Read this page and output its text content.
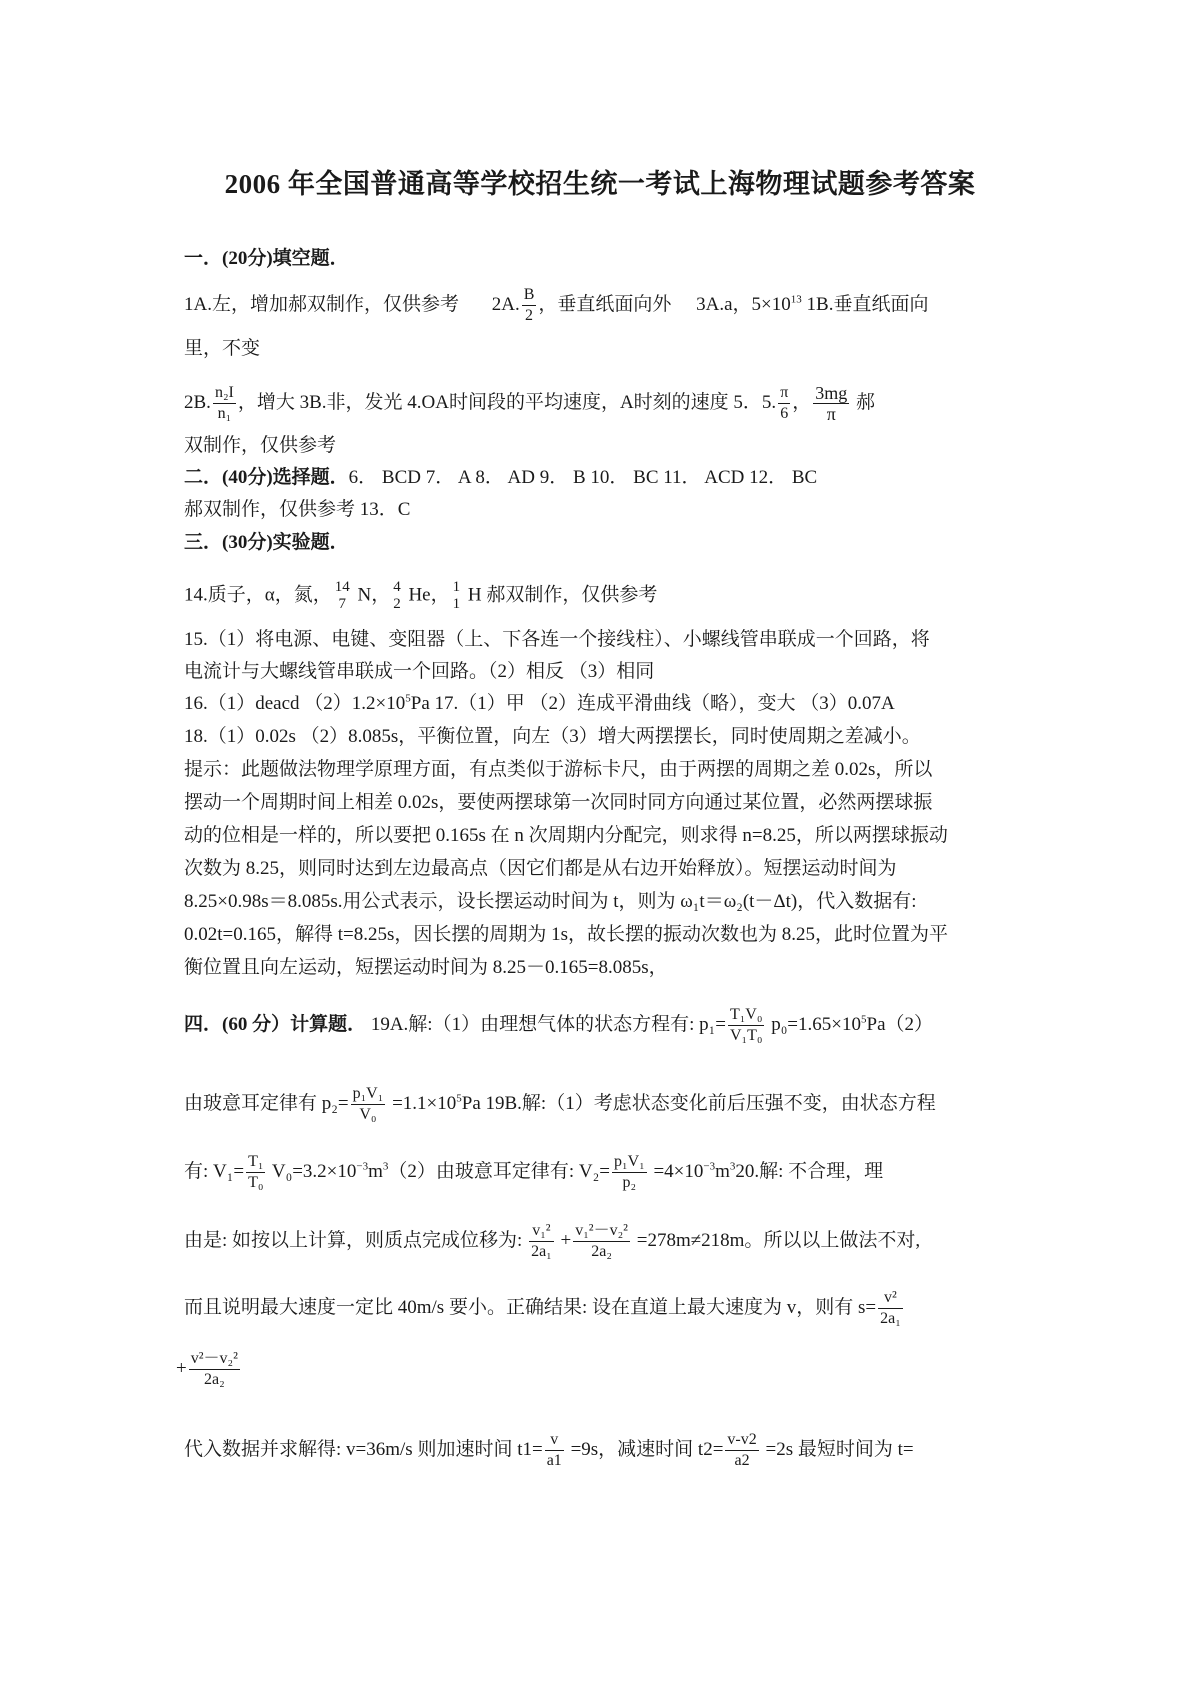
2006 年全国普通高等学校招生统一考试上海物理试题参考答案
一．(20分)填空题．
1A.左，增加郝双制作，仅供参考 2A. $\frac{B}{2}$ ，垂直纸面向外 3A.a，$5\times 10^{13}$ 1B.垂直纸面向
里，不变
2B. $\frac{\text{n₂I}}{\text{n₁}}$ ，增大 3B.非，发光 4.OA时间段的平均速度，A时刻的速度 5．5. $\frac{\pi}{6}$ ， $\frac{3mg}{\pi}$ 郝
双制作，仅供参考
二．(40分)选择题．6． BCD 7． A 8． AD 9． B 10． BC 11． ACD 12． BC
郝双制作，仅供参考 13．C
三．(30分)实验题．
14.质子，α，氮， 14
7 N， 4
2 He， 1
1 H 郝双制作，仅供参考
15.（1）将电源、电键、变阻器（上、下各连一个接线柱）、小螺线管串联成一个回路，将
电流计与大螺线管串联成一个回路。（2）相反 （3）相同
16.（1）deacd $(2)1.2\times 10^5Pa$ 17.（1）甲 （2）连成平滑曲线（略），变大 （3）0.07A
18.（1）0.02s （2）8.085s，平衡位置，向左（3）增大两摆摆长，同时使周期之差减小。
提示：此题做法物理学原理方面，有点类似于游标卡尺，由于两摆的周期之差 0.02s，所以
摆动一个周期时间上相差 0.02s，要使两摆球第一次同时同方向通过某位置，必然两摆球振
动的位相是一样的，所以要把 0.165s 在 n 次周期内分配完，则求得 n=8.25，所以两摆球振动
次数为 8.25，则同时达到左边最高点（因它们都是从右边开始释放）。短摆运动时间为
8.25×0.98s＝8.085s.用公式表示，设长摆运动时间为 t，则为 ω₁t＝ω₂(t－Δt)，代入数据有:
0.02t=0.165，解得 t=8.25s，因长摆的周期为 1s，故长摆的振动次数也为 8.25，此时位置为平
衡位置且向左运动，短摆运动时间为 8.25－0.165=8.085s，
四．(60 分）计算题． 19A.解:（1）由理想气体的状态方程有: $p_1= \frac{\text{T₁V₀}}{\text{V₁T₀}} p_0=1.65\times 10^5Pa(2)$
由玻意耳定律有 $p_2= \frac{\text{p₁V₁}}{\text{V₀}} =1.1\times 10^5Pa$ 19B.解:（1）考虑状态变化前后压强不变，由状态方程
有: $V_1= \frac{\text{T₁}}{\text{T₀}} V_0=3.2\times 10^{-3}m^3(2)$由玻意耳定律有: $V_2= \frac{\text{p₁V₁}}{\text{p₂}} =4\times 10^{-3}m^320$.解: 不合理，理
由是: 如按以上计算，则质点完成位移为: $\frac{\text{v₁²}}{\text{2a₁}} + \frac{\text{v₁²－v₂²}}{\text{2a₂}} =278m\ne 218m$。所以以上做法不对,
而且说明最大速度一定比 40m/s 要小。正确结果: 设在直道上最大速度为 v，则有 $s= \frac{\text{v²}}{\text{2a₁}}$
+ $\frac{\text{v²－v₂²}}{\text{2a₂}}$
代入数据并求解得: v=36m/s 则加速时间 $t1= \frac{v}{a1} =9s$，减速时间 $t2= \frac{v-v2}{a2} =2s$ 最短时间为 t=
